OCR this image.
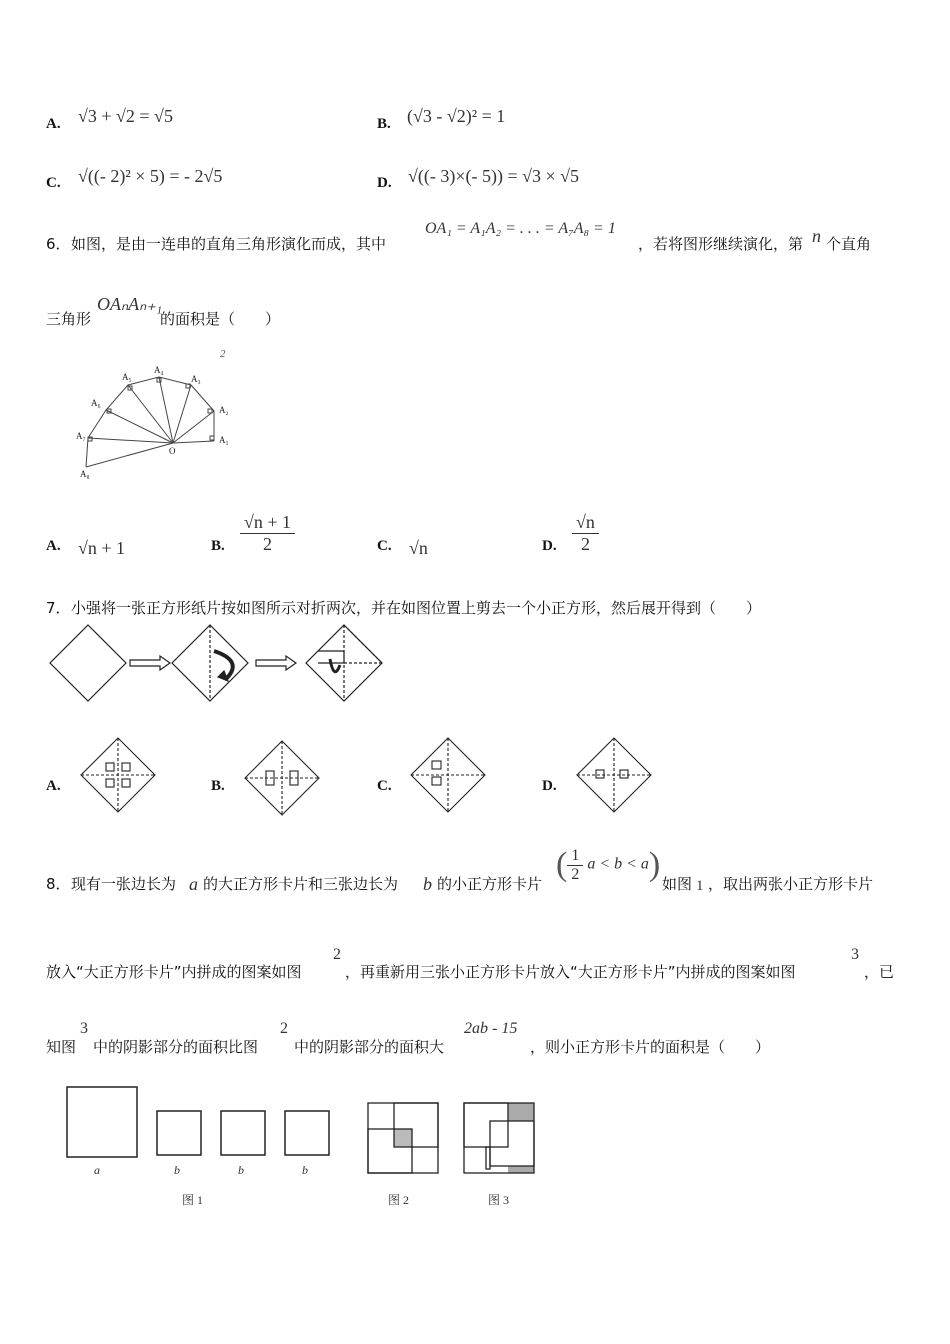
A. √3 + √2 = √5	B. (√3 - √2)² = 1
C. √((- 2)² × 5) = - 2√5	D. √((- 3)×(- 5)) = √3 × √5
6． 如图，是由一连串的直角三角形演化而成，其中
OA₁ = A₁A₂ = . . . = A₇A₈ = 1
，若将图形继续演化，第 n 个直角
三角形
OAₙAₙ₊₁
的面积是（　　）
2
A₁
A₂
A₃
A₄
A₅
A₆
A₇
A₈
O
A. √n + 1	B. $\frac{√n + 1}{2}$	C. √n	D. $\frac{√n}{2}$
7． 小强将一张正方形纸片按如图所示对折两次，并在如图位置上剪去一个小正方形，然后展开得到（　　）
A.	B.	C.	D.
8． 现有一张边长为 a 的大正方形卡片和三张边长为 b 的小正方形卡片
( $\frac{1}{2}$ a < b < a)
如图 1 ，取出两张小正方形卡片
放入“大正方形卡片”内拼成的图案如图
2
，再重新用三张小正方形卡片放入“大正方形卡片”内拼成的图案如图
3
，已
知图
3
中的阴影部分的面积比图
2
中的阴影部分的面积大
2ab - 15
，则小正方形卡片的面积是（　　）
a	b	b	b
图 1	图 2	图 3
